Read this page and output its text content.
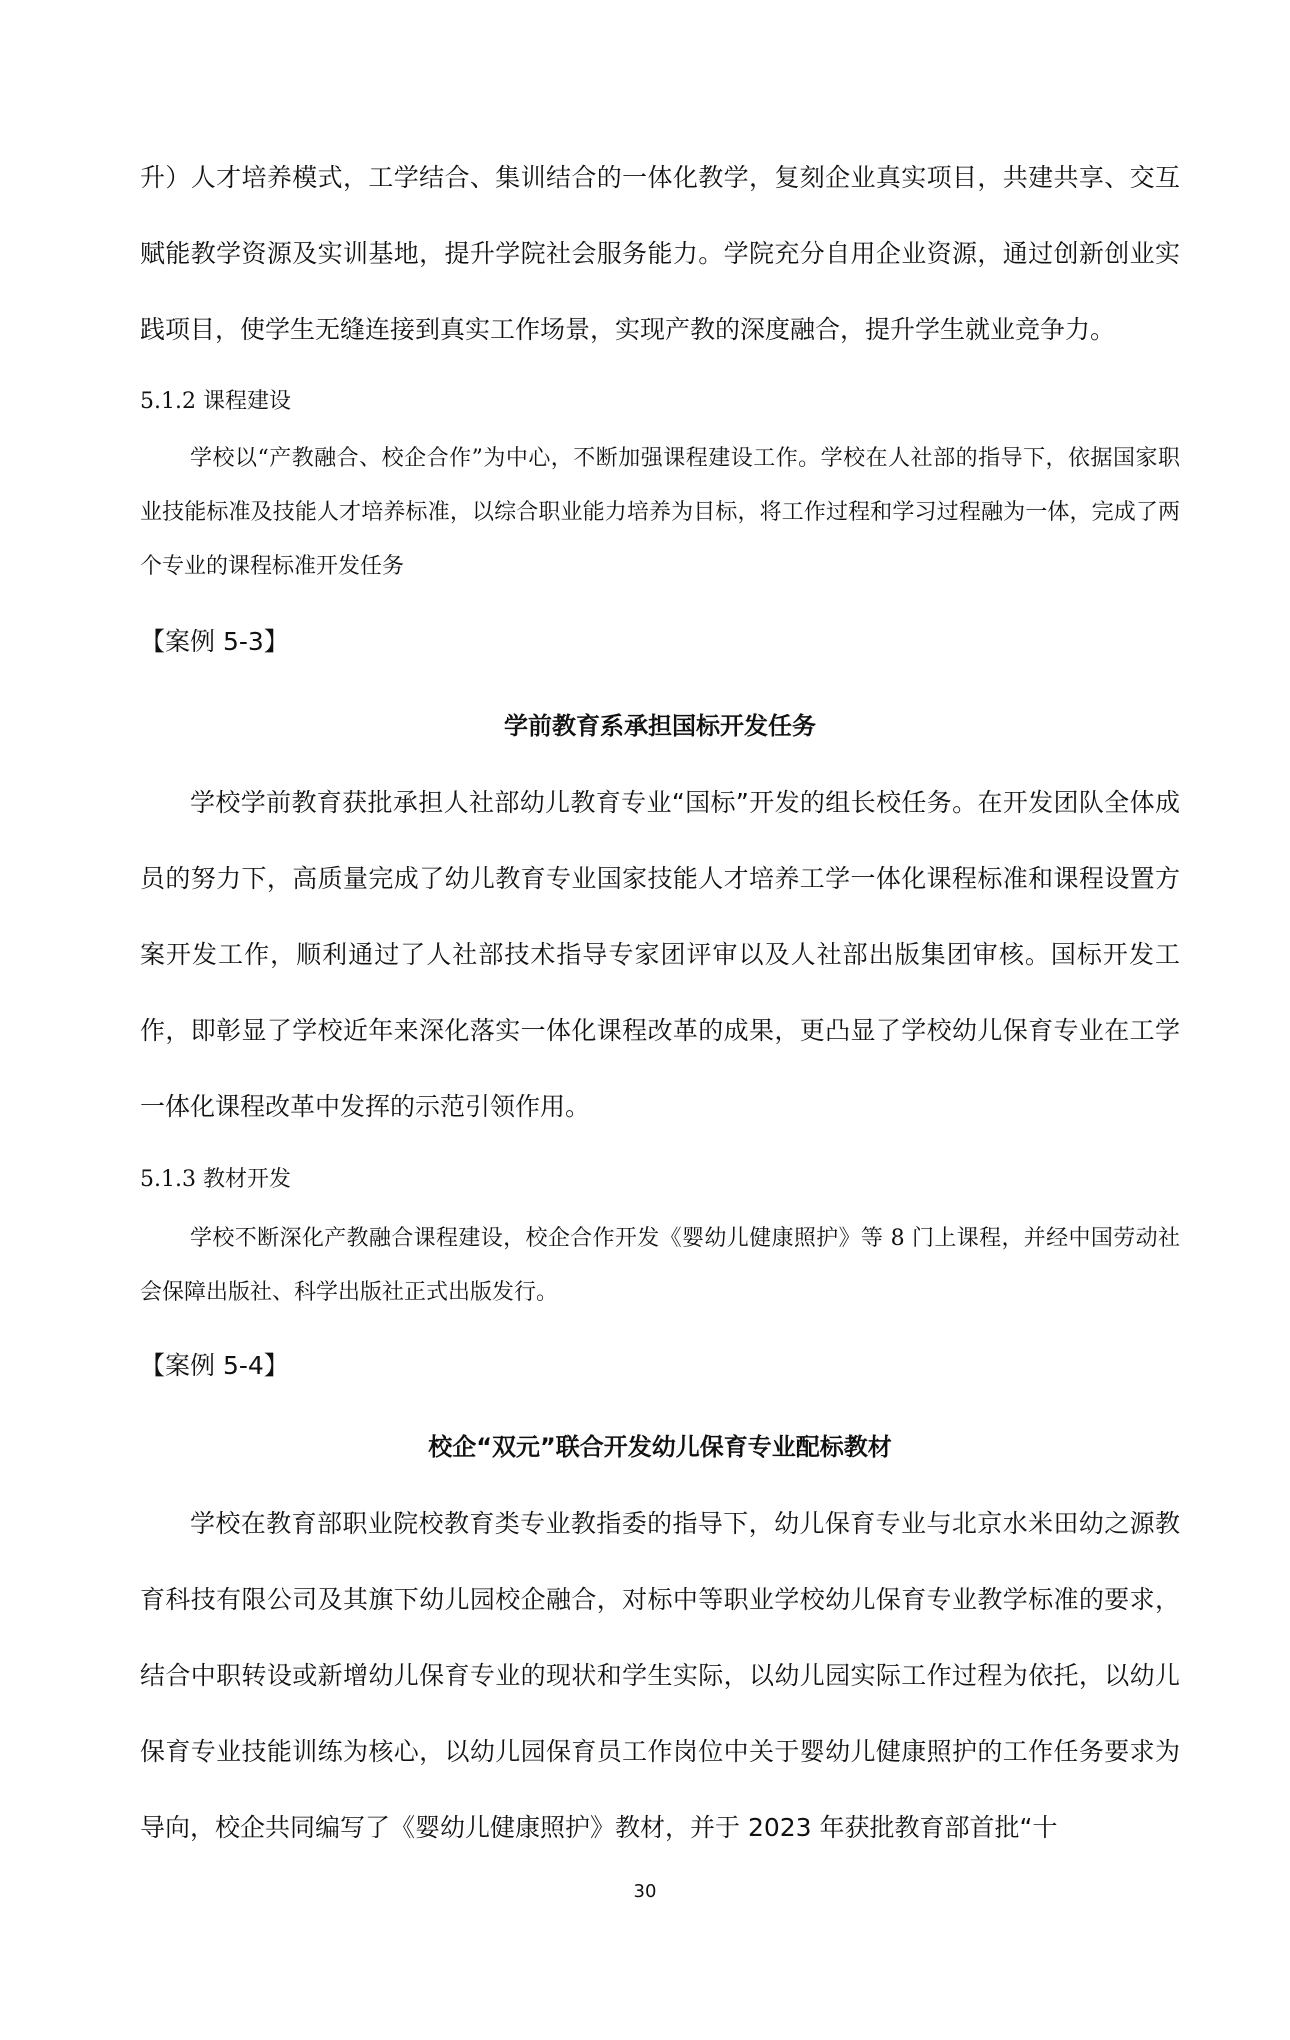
升）人才培养模式，工学结合、集训结合的一体化教学，复刻企业真实项目，共建共享、交互赋能教学资源及实训基地，提升学院社会服务能力。学院充分自用企业资源，通过创新创业实践项目，使学生无缝连接到真实工作场景，实现产教的深度融合，提升学生就业竞争力。

5.1.2 课程建设

学校以“产教融合、校企合作”为中心，不断加强课程建设工作。学校在人社部的指导下，依据国家职业技能标准及技能人才培养标准，以综合职业能力培养为目标，将工作过程和学习过程融为一体，完成了两个专业的课程标准开发任务

【案例 5-3】
学前教育系承担国标开发任务

学校学前教育获批承担人社部幼儿教育专业“国标”开发的组长校任务。在开发团队全体成员的努力下，高质量完成了幼儿教育专业国家技能人才培养工学一体化课程标准和课程设置方案开发工作，顺利通过了人社部技术指导专家团评审以及人社部出版集团审核。国标开发工作，即彰显了学校近年来深化落实一体化课程改革的成果，更凸显了学校幼儿保育专业在工学一体化课程改革中发挥的示范引领作用。

5.1.3 教材开发

学校不断深化产教融合课程建设，校企合作开发《婴幼儿健康照护》等 8 门上课程，并经中国劳动社会保障出版社、科学出版社正式出版发行。

【案例 5-4】
校企“双元”联合开发幼儿保育专业配标教材

学校在教育部职业院校教育类专业教指委的指导下，幼儿保育专业与北京水米田幼之源教育科技有限公司及其旗下幼儿园校企融合，对标中等职业学校幼儿保育专业教学标准的要求，结合中职转设或新增幼儿保育专业的现状和学生实际，以幼儿园实际工作过程为依托，以幼儿保育专业技能训练为核心，以幼儿园保育员工作岗位中关于婴幼儿健康照护的工作任务要求为导向，校企共同编写了《婴幼儿健康照护》教材，并于 2023 年获批教育部首批“十

30
